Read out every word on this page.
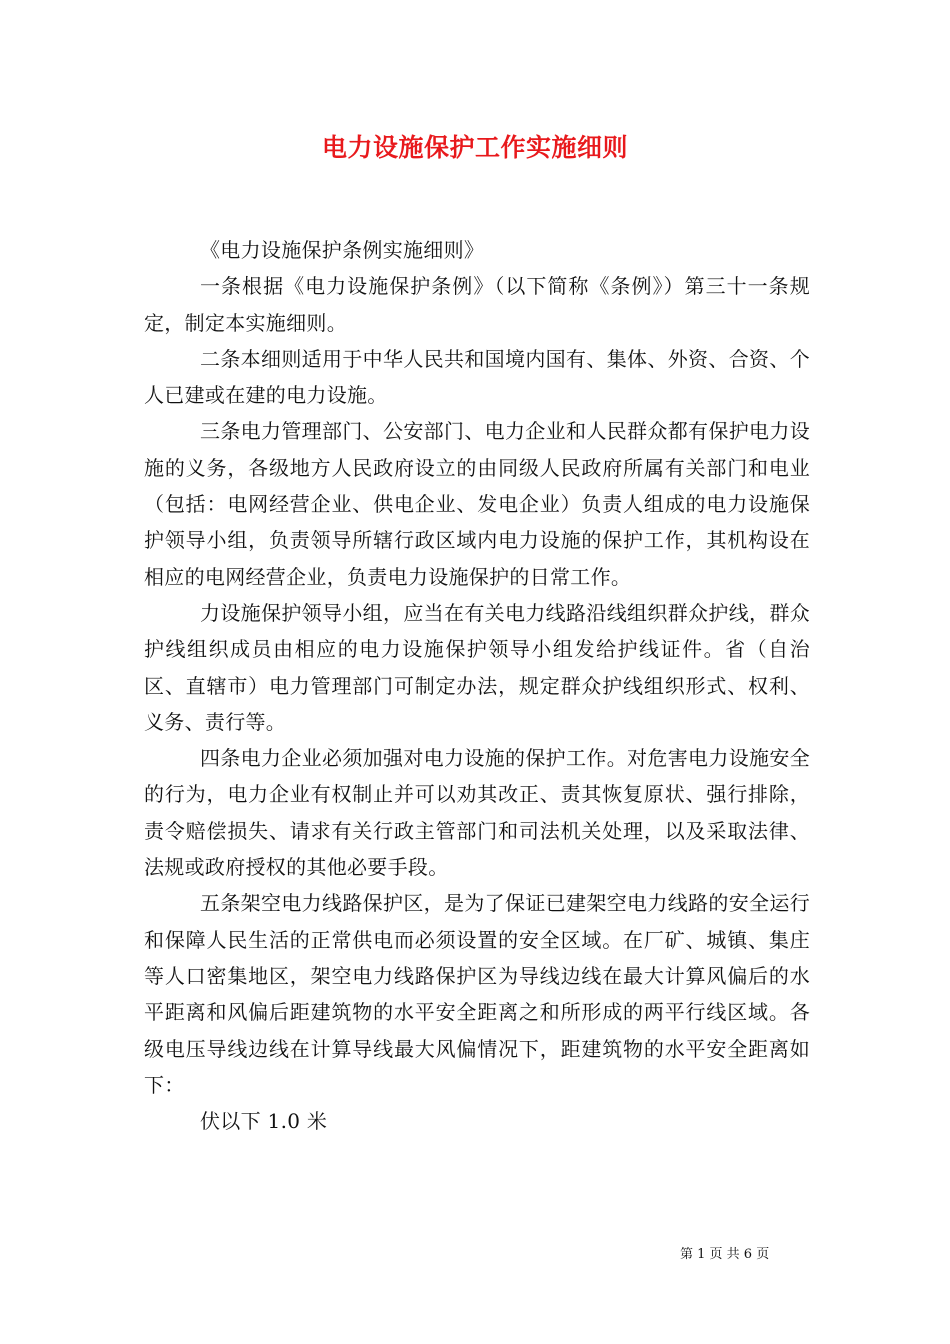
电力设施保护工作实施细则

《电力设施保护条例实施细则》

一条根据《电力设施保护条例》（以下简称《条例》）第三十一条规定，制定本实施细则。

二条本细则适用于中华人民共和国境内国有、集体、外资、合资、个人已建或在建的电力设施。

三条电力管理部门、公安部门、电力企业和人民群众都有保护电力设施的义务，各级地方人民政府设立的由同级人民政府所属有关部门和电业（包括：电网经营企业、供电企业、发电企业）负责人组成的电力设施保护领导小组，负责领导所辖行政区域内电力设施的保护工作，其机构设在相应的电网经营企业，负责电力设施保护的日常工作。

力设施保护领导小组，应当在有关电力线路沿线组织群众护线，群众护线组织成员由相应的电力设施保护领导小组发给护线证件。省（自治区、直辖市）电力管理部门可制定办法，规定群众护线组织形式、权利、义务、责行等。

四条电力企业必须加强对电力设施的保护工作。对危害电力设施安全的行为，电力企业有权制止并可以劝其改正、责其恢复原状、强行排除，责令赔偿损失、请求有关行政主管部门和司法机关处理，以及采取法律、法规或政府授权的其他必要手段。

五条架空电力线路保护区，是为了保证已建架空电力线路的安全运行和保障人民生活的正常供电而必须设置的安全区域。在厂矿、城镇、集庄等人口密集地区，架空电力线路保护区为导线边线在最大计算风偏后的水平距离和风偏后距建筑物的水平安全距离之和所形成的两平行线区域。各级电压导线边线在计算导线最大风偏情况下，距建筑物的水平安全距离如下：

伏以下 1.0 米

第 1 页 共 6 页
